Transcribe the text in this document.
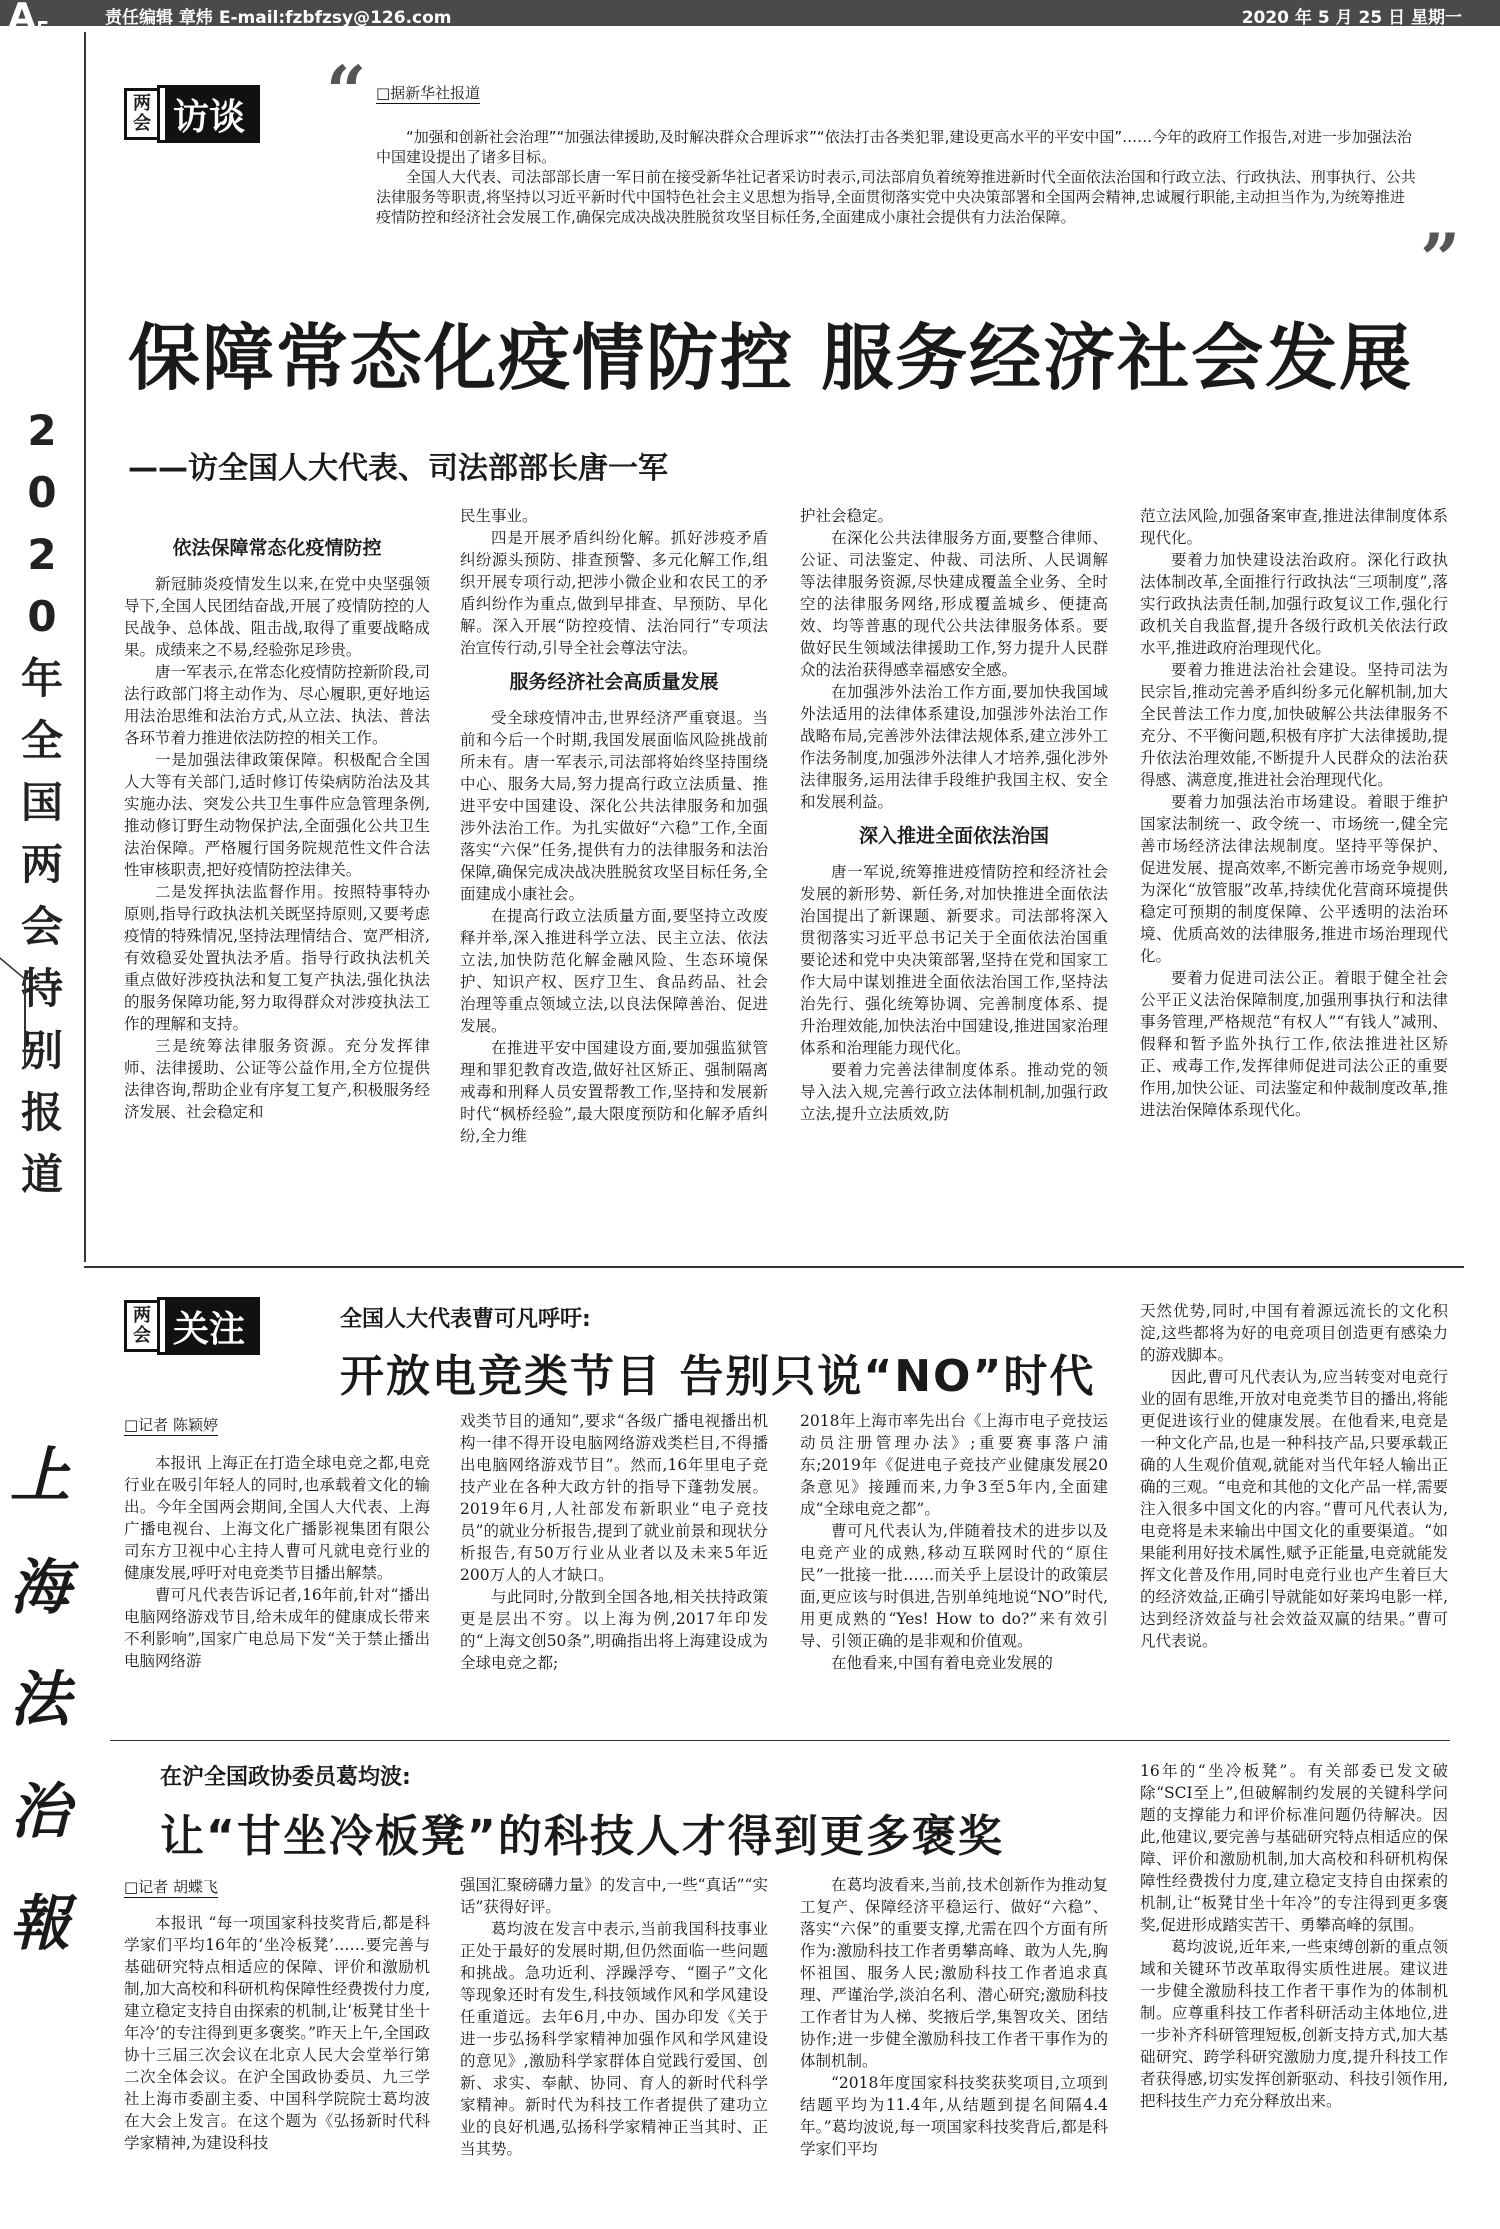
$A_5$	责任编辑 章炜 E-mail:fzbfzsy@126.com	2020 年 5 月 25 日 星期一
2
0
2
0
年
全
国
两
会
特
别
报
道
上
海
法
治
報
两
会 访谈 “
”
□据新华社报道

“加强和创新社会治理”“加强法律援助,及时解决群众合理诉求”“依法打击各类犯罪,建设更高水平的平安中国”……今年的政府工作报告,对进一步加强法治中国建设提出了诸多目标。

全国人大代表、司法部部长唐一军日前在接受新华社记者采访时表示,司法部肩负着统筹推进新时代全面依法治国和行政立法、行政执法、刑事执行、公共法律服务等职责,将坚持以习近平新时代中国特色社会主义思想为指导,全面贯彻落实党中央决策部署和全国两会精神,忠诚履行职能,主动担当作为,为统筹推进疫情防控和经济社会发展工作,确保完成决战决胜脱贫攻坚目标任务,全面建成小康社会提供有力法治保障。

保障常态化疫情防控 服务经济社会发展
——访全国人大代表、司法部部长唐一军
依法保障常态化疫情防控

新冠肺炎疫情发生以来,在党中央坚强领导下,全国人民团结奋战,开展了疫情防控的人民战争、总体战、阻击战,取得了重要战略成果。成绩来之不易,经验弥足珍贵。

唐一军表示,在常态化疫情防控新阶段,司法行政部门将主动作为、尽心履职,更好地运用法治思维和法治方式,从立法、执法、普法各环节着力推进依法防控的相关工作。

一是加强法律政策保障。积极配合全国人大等有关部门,适时修订传染病防治法及其实施办法、突发公共卫生事件应急管理条例,推动修订野生动物保护法,全面强化公共卫生法治保障。严格履行国务院规范性文件合法性审核职责,把好疫情防控法律关。

二是发挥执法监督作用。按照特事特办原则,指导行政执法机关既坚持原则,又要考虑疫情的特殊情况,坚持法理情结合、宽严相济,有效稳妥处置执法矛盾。指导行政执法机关重点做好涉疫执法和复工复产执法,强化执法的服务保障功能,努力取得群众对涉疫执法工作的理解和支持。

三是统筹法律服务资源。充分发挥律师、法律援助、公证等公益作用,全方位提供法律咨询,帮助企业有序复工复产,积极服务经济发展、社会稳定和

民生事业。

四是开展矛盾纠纷化解。抓好涉疫矛盾纠纷源头预防、排查预警、多元化解工作,组织开展专项行动,把涉小微企业和农民工的矛盾纠纷作为重点,做到早排查、早预防、早化解。深入开展“防控疫情、法治同行”专项法治宣传行动,引导全社会尊法守法。

服务经济社会高质量发展

受全球疫情冲击,世界经济严重衰退。当前和今后一个时期,我国发展面临风险挑战前所未有。唐一军表示,司法部将始终坚持围绕中心、服务大局,努力提高行政立法质量、推进平安中国建设、深化公共法律服务和加强涉外法治工作。为扎实做好“六稳”工作,全面落实“六保”任务,提供有力的法律服务和法治保障,确保完成决战决胜脱贫攻坚目标任务,全面建成小康社会。

在提高行政立法质量方面,要坚持立改废释并举,深入推进科学立法、民主立法、依法立法,加快防范化解金融风险、生态环境保护、知识产权、医疗卫生、食品药品、社会治理等重点领域立法,以良法保障善治、促进发展。

在推进平安中国建设方面,要加强监狱管理和罪犯教育改造,做好社区矫正、强制隔离戒毒和刑释人员安置帮教工作,坚持和发展新时代“枫桥经验”,最大限度预防和化解矛盾纠纷,全力维

护社会稳定。

在深化公共法律服务方面,要整合律师、公证、司法鉴定、仲裁、司法所、人民调解等法律服务资源,尽快建成覆盖全业务、全时空的法律服务网络,形成覆盖城乡、便捷高效、均等普惠的现代公共法律服务体系。要做好民生领域法律援助工作,努力提升人民群众的法治获得感幸福感安全感。

在加强涉外法治工作方面,要加快我国域外法适用的法律体系建设,加强涉外法治工作战略布局,完善涉外法律法规体系,建立涉外工作法务制度,加强涉外法律人才培养,强化涉外法律服务,运用法律手段维护我国主权、安全和发展利益。

深入推进全面依法治国

唐一军说,统筹推进疫情防控和经济社会发展的新形势、新任务,对加快推进全面依法治国提出了新课题、新要求。司法部将深入贯彻落实习近平总书记关于全面依法治国重要论述和党中央决策部署,坚持在党和国家工作大局中谋划推进全面依法治国工作,坚持法治先行、强化统筹协调、完善制度体系、提升治理效能,加快法治中国建设,推进国家治理体系和治理能力现代化。

要着力完善法律制度体系。推动党的领导入法入规,完善行政立法体制机制,加强行政立法,提升立法质效,防

范立法风险,加强备案审查,推进法律制度体系现代化。

要着力加快建设法治政府。深化行政执法体制改革,全面推行行政执法“三项制度”,落实行政执法责任制,加强行政复议工作,强化行政机关自我监督,提升各级行政机关依法行政水平,推进政府治理现代化。

要着力推进法治社会建设。坚持司法为民宗旨,推动完善矛盾纠纷多元化解机制,加大全民普法工作力度,加快破解公共法律服务不充分、不平衡问题,积极有序扩大法律援助,提升依法治理效能,不断提升人民群众的法治获得感、满意度,推进社会治理现代化。

要着力加强法治市场建设。着眼于维护国家法制统一、政令统一、市场统一,健全完善市场经济法律法规制度。坚持平等保护、促进发展、提高效率,不断完善市场竞争规则,为深化“放管服”改革,持续优化营商环境提供稳定可预期的制度保障、公平透明的法治环境、优质高效的法律服务,推进市场治理现代化。

要着力促进司法公正。着眼于健全社会公平正义法治保障制度,加强刑事执行和法律事务管理,严格规范“有权人”“有钱人”减刑、假释和暂予监外执行工作,依法推进社区矫正、戒毒工作,发挥律师促进司法公正的重要作用,加快公证、司法鉴定和仲裁制度改革,推进法治保障体系现代化。

两
会 关注	全国人大代表曹可凡呼吁:
开放电竞类节目 告别只说“NO”时代
□记者 陈颖婷

本报讯 上海正在打造全球电竞之都,电竞行业在吸引年轻人的同时,也承载着文化的输出。今年全国两会期间,全国人大代表、上海广播电视台、上海文化广播影视集团有限公司东方卫视中心主持人曹可凡就电竞行业的健康发展,呼吁对电竞类节目播出解禁。

曹可凡代表告诉记者,16年前,针对“播出电脑网络游戏节目,给未成年的健康成长带来不利影响”,国家广电总局下发“关于禁止播出电脑网络游

戏类节目的通知”,要求“各级广播电视播出机构一律不得开设电脑网络游戏类栏目,不得播出电脑网络游戏节目”。然而,16年里电子竞技产业在各种大政方针的指导下蓬勃发展。2019年6月,人社部发布新职业“电子竞技员”的就业分析报告,提到了就业前景和现状分析报告,有50万行业从业者以及未来5年近200万人的人才缺口。

与此同时,分散到全国各地,相关扶持政策更是层出不穷。以上海为例,2017年印发的“上海文创50条”,明确指出将上海建设成为全球电竞之都;

2018年上海市率先出台《上海市电子竞技运动员注册管理办法》;重要赛事落户浦东;2019年《促进电子竞技产业健康发展20条意见》接踵而来,力争3至5年内,全面建成“全球电竞之都”。

曹可凡代表认为,伴随着技术的进步以及电竞产业的成熟,移动互联网时代的“原住民”一批接一批……而关乎上层设计的政策层面,更应该与时俱进,告别单纯地说“NO”时代,用更成熟的“Yes! How to do?”来有效引导、引领正确的是非观和价值观。

在他看来,中国有着电竞业发展的

天然优势,同时,中国有着源远流长的文化积淀,这些都将为好的电竞项目创造更有感染力的游戏脚本。

因此,曹可凡代表认为,应当转变对电竞行业的固有思维,开放对电竞类节目的播出,将能更促进该行业的健康发展。在他看来,电竞是一种文化产品,也是一种科技产品,只要承载正确的人生观价值观,就能对当代年轻人输出正确的三观。“电竞和其他的文化产品一样,需要注入很多中国文化的内容。”曹可凡代表认为,电竞将是未来输出中国文化的重要渠道。“如果能利用好技术属性,赋予正能量,电竞就能发挥文化普及作用,同时电竞行业也产生着巨大的经济效益,正确引导就能如好莱坞电影一样,达到经济效益与社会效益双赢的结果。”曹可凡代表说。

在沪全国政协委员葛均波:
让“甘坐冷板凳”的科技人才得到更多褒奖
□记者 胡蝶飞

本报讯 “每一项国家科技奖背后,都是科学家们平均16年的‘坐冷板凳’……要完善与基础研究特点相适应的保障、评价和激励机制,加大高校和科研机构保障性经费拨付力度,建立稳定支持自由探索的机制,让‘板凳甘坐十年冷’的专注得到更多褒奖。”昨天上午,全国政协十三届三次会议在北京人民大会堂举行第二次全体会议。在沪全国政协委员、九三学社上海市委副主委、中国科学院院士葛均波在大会上发言。在这个题为《弘扬新时代科学家精神,为建设科技

强国汇聚磅礴力量》的发言中,一些“真话”“实话”获得好评。

葛均波在发言中表示,当前我国科技事业正处于最好的发展时期,但仍然面临一些问题和挑战。急功近利、浮躁浮夸、“圈子”文化等现象还时有发生,科技领域作风和学风建设任重道远。去年6月,中办、国办印发《关于进一步弘扬科学家精神加强作风和学风建设的意见》,激励科学家群体自觉践行爱国、创新、求实、奉献、协同、育人的新时代科学家精神。新时代为科技工作者提供了建功立业的良好机遇,弘扬科学家精神正当其时、正当其势。

在葛均波看来,当前,技术创新作为推动复工复产、保障经济平稳运行、做好“六稳”、落实“六保”的重要支撑,尤需在四个方面有所作为:激励科技工作者勇攀高峰、敢为人先,胸怀祖国、服务人民;激励科技工作者追求真理、严谨治学,淡泊名利、潜心研究;激励科技工作者甘为人梯、奖掖后学,集智攻关、团结协作;进一步健全激励科技工作者干事作为的体制机制。

“2018年度国家科技奖获奖项目,立项到结题平均为11.4年,从结题到提名间隔4.4年。”葛均波说,每一项国家科技奖背后,都是科学家们平均

16年的“坐冷板凳”。有关部委已发文破除“SCI至上”,但破解制约发展的关键科学问题的支撑能力和评价标准问题仍待解决。因此,他建议,要完善与基础研究特点相适应的保障、评价和激励机制,加大高校和科研机构保障性经费拨付力度,建立稳定支持自由探索的机制,让“板凳甘坐十年冷”的专注得到更多褒奖,促进形成踏实苦干、勇攀高峰的氛围。

葛均波说,近年来,一些束缚创新的重点领域和关键环节改革取得实质性进展。建议进一步健全激励科技工作者干事作为的体制机制。应尊重科技工作者科研活动主体地位,进一步补齐科研管理短板,创新支持方式,加大基础研究、跨学科研究激励力度,提升科技工作者获得感,切实发挥创新驱动、科技引领作用,把科技生产力充分释放出来。
